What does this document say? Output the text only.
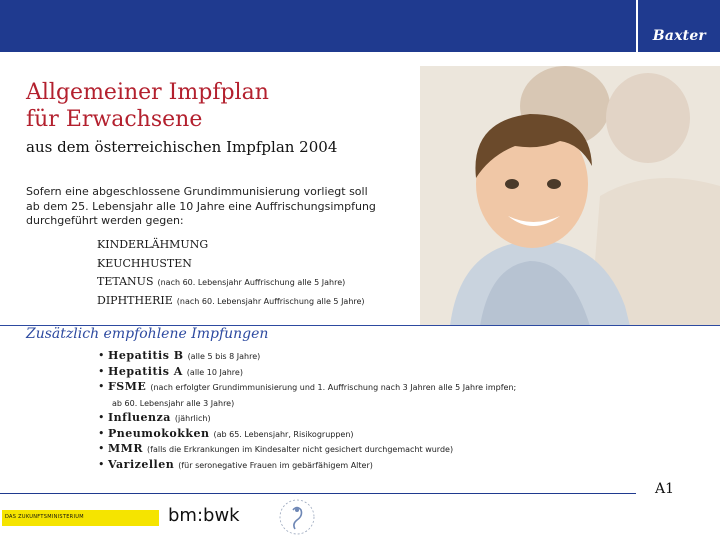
Baxter
Allgemeiner Impfplan
für Erwachsene
aus dem österreichischen Impfplan 2004
Sofern eine abgeschlossene Grundimmunisierung vorliegt soll
ab dem 25. Lebensjahr alle 10 Jahre eine Auffrischungsimpfung
durchgeführt werden gegen:
KINDERLÄHMUNG
KEUCHHUSTEN
TETANUS (nach 60. Lebensjahr Auffrischung alle 5 Jahre)
DIPHTHERIE (nach 60. Lebensjahr Auffrischung alle 5 Jahre)
Zusätzlich empfohlene Impfungen
• Hepatitis B (alle 5 bis 8 Jahre)
• Hepatitis A (alle 10 Jahre)
• FSME (nach erfolgter Grundimmunisierung und 1. Auffrischung nach 3 Jahren alle 5 Jahre impfen;
ab 60. Lebensjahr alle 3 Jahre)
• Influenza (jährlich)
• Pneumokokken (ab 65. Lebensjahr, Risikogruppen)
• MMR (falls die Erkrankungen im Kindesalter nicht gesichert durchgemacht wurde)
• Varizellen (für seronegative Frauen im gebärfähigem Alter)
A1
DAS ZUKUNFTSMINISTERIUM	bm:bwk
